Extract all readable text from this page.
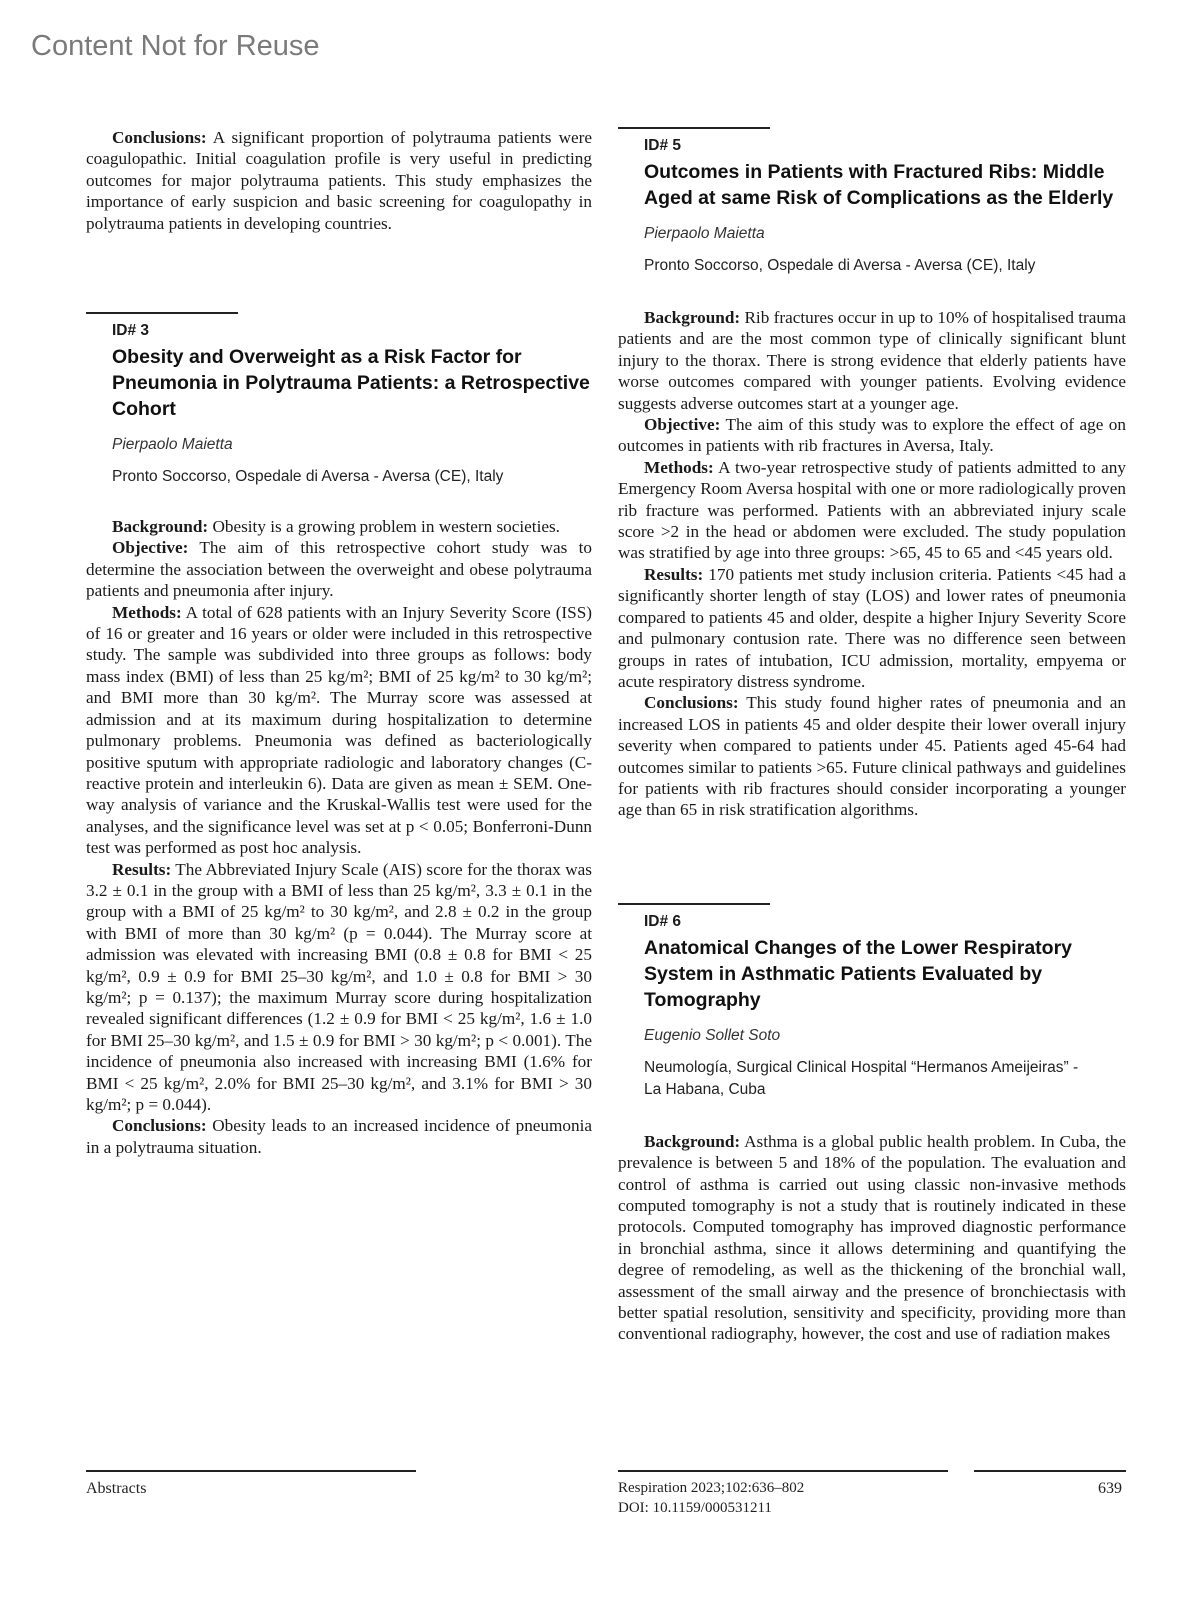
Content Not for Reuse

Conclusions: A significant proportion of polytrauma patients were coagulopathic. Initial coagulation profile is very useful in predicting outcomes for major polytrauma patients. This study emphasizes the importance of early suspicion and basic screening for coagulopathy in polytrauma patients in developing countries.

ID# 3
Obesity and Overweight as a Risk Factor for Pneumonia in Polytrauma Patients: a Retrospective Cohort
Pierpaolo Maietta
Pronto Soccorso, Ospedale di Aversa - Aversa (CE), Italy

Background: Obesity is a growing problem in western societies.

Objective: The aim of this retrospective cohort study was to determine the association between the overweight and obese polytrauma patients and pneumonia after injury.

Methods: A total of 628 patients with an Injury Severity Score (ISS) of 16 or greater and 16 years or older were included in this retrospective study. The sample was subdivided into three groups as follows: body mass index (BMI) of less than 25 kg/m²; BMI of 25 kg/m² to 30 kg/m²; and BMI more than 30 kg/m². The Murray score was assessed at admission and at its maximum during hospitalization to determine pulmonary problems. Pneumonia was defined as bacteriologically positive sputum with appropriate radiologic and laboratory changes (C- reactive protein and interleukin 6). Data are given as mean ± SEM. One-way analysis of variance and the Kruskal-Wallis test were used for the analyses, and the significance level was set at p < 0.05; Bonferroni-Dunn test was performed as post hoc analysis.

Results: The Abbreviated Injury Scale (AIS) score for the thorax was 3.2 ± 0.1 in the group with a BMI of less than 25 kg/m², 3.3 ± 0.1 in the group with a BMI of 25 kg/m² to 30 kg/m², and 2.8 ± 0.2 in the group with BMI of more than 30 kg/m² (p = 0.044). The Murray score at admission was elevated with increasing BMI (0.8 ± 0.8 for BMI < 25 kg/m², 0.9 ± 0.9 for BMI 25–30 kg/m², and 1.0 ± 0.8 for BMI > 30 kg/m²; p = 0.137); the maximum Murray score during hospitalization revealed significant differences (1.2 ± 0.9 for BMI < 25 kg/m², 1.6 ± 1.0 for BMI 25–30 kg/m², and 1.5 ± 0.9 for BMI > 30 kg/m²; p < 0.001). The incidence of pneumonia also increased with increasing BMI (1.6% for BMI < 25 kg/m², 2.0% for BMI 25–30 kg/m², and 3.1% for BMI > 30 kg/m²; p = 0.044).

Conclusions: Obesity leads to an increased incidence of pneumonia in a polytrauma situation.

ID# 5
Outcomes in Patients with Fractured Ribs: Middle Aged at same Risk of Complications as the Elderly
Pierpaolo Maietta
Pronto Soccorso, Ospedale di Aversa - Aversa (CE), Italy

Background: Rib fractures occur in up to 10% of hospitalised trauma patients and are the most common type of clinically significant blunt injury to the thorax. There is strong evidence that elderly patients have worse outcomes compared with younger patients. Evolving evidence suggests adverse outcomes start at a younger age.

Objective: The aim of this study was to explore the effect of age on outcomes in patients with rib fractures in Aversa, Italy.

Methods: A two-year retrospective study of patients admitted to any Emergency Room Aversa hospital with one or more radiologically proven rib fracture was performed. Patients with an abbreviated injury scale score >2 in the head or abdomen were excluded. The study population was stratified by age into three groups: >65, 45 to 65 and <45 years old.

Results: 170 patients met study inclusion criteria. Patients <45 had a significantly shorter length of stay (LOS) and lower rates of pneumonia compared to patients 45 and older, despite a higher Injury Severity Score and pulmonary contusion rate. There was no difference seen between groups in rates of intubation, ICU admission, mortality, empyema or acute respiratory distress syndrome.

Conclusions: This study found higher rates of pneumonia and an increased LOS in patients 45 and older despite their lower overall injury severity when compared to patients under 45. Patients aged 45-64 had outcomes similar to patients >65. Future clinical pathways and guidelines for patients with rib fractures should consider incorporating a younger age than 65 in risk stratification algorithms.

ID# 6
Anatomical Changes of the Lower Respiratory System in Asthmatic Patients Evaluated by Tomography
Eugenio Sollet Soto
Neumología, Surgical Clinical Hospital “Hermanos Ameijeiras” -
La Habana, Cuba

Background: Asthma is a global public health problem. In Cuba, the prevalence is between 5 and 18% of the population. The evaluation and control of asthma is carried out using classic non-invasive methods computed tomography is not a study that is routinely indicated in these protocols. Computed tomography has improved diagnostic performance in bronchial asthma, since it allows determining and quantifying the degree of remodeling, as well as the thickening of the bronchial wall, assessment of the small airway and the presence of bronchiectasis with better spatial resolution, sensitivity and specificity, providing more than conventional radiography, however, the cost and use of radiation makes

Abstracts	Respiration 2023;102:636–802
DOI: 10.1159/000531211
639
